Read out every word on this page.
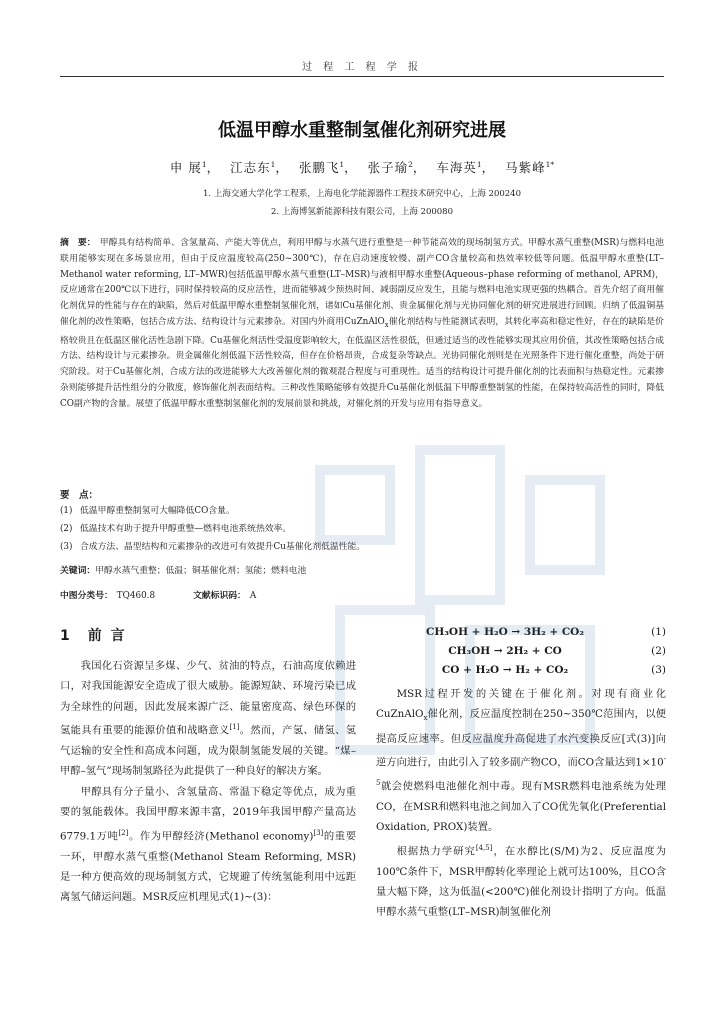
过 程 工 程 学 报
低温甲醇水重整制氢催化剂研究进展
申 展$^1$，  江志东$^1$，  张鹏飞$^1$，  张子瑜$^2$，  车海英$^1$，  马紫峰$^{1*}$
1. 上海交通大学化学工程系，上海电化学能源器件工程技术研究中心，上海 200240
2. 上海博氢新能源科技有限公司，上海 200080
摘　要： 甲醇具有结构简单、含氢量高、产能大等优点，利用甲醇与水蒸气进行重整是一种节能高效的现场制氢方式。甲醇水蒸气重整(MSR)与燃料电池联用能够实现在多场景应用，但由于反应温度较高(250~300℃)，存在启动速度较慢、副产CO含量较高和热效率较低等问题。低温甲醇水重整(LT–Methanol water reforming, LT–MWR)包括低温甲醇水蒸气重整(LT–MSR)与液相甲醇水重整(Aqueous–phase reforming of methanol, APRM)，反应通常在200℃以下进行，同时保持较高的反应活性，进而能够减少预热时间、减弱副反应发生，且能与燃料电池实现更强的热耦合。首先介绍了商用催化剂优异的性能与存在的缺陷，然后对低温甲醇水重整制氢催化剂，诸如Cu基催化剂、贵金属催化剂与光协同催化剂的研究进展进行回顾。归纳了低温铜基催化剂的改性策略，包括合成方法、结构设计与元素掺杂。对国内外商用CuZnAlO$_x$催化剂结构与性能测试表明，其转化率高和稳定性好，存在的缺陷是价格较贵且在低温区催化活性急剧下降。Cu基催化剂活性受温度影响较大，在低温区活性很低，但通过适当的改性能够实现其应用价值，其改性策略包括合成方法、结构设计与元素掺杂。贵金属催化剂低温下活性较高，但存在价格昂贵，合成复杂等缺点。光协同催化剂则是在光照条件下进行催化重整，尚处于研究阶段。对于Cu基催化剂，合成方法的改进能够大大改善催化剂的微观混合程度与可重现性。适当的结构设计可提升催化剂的比表面积与热稳定性。元素掺杂则能够提升活性组分的分散度，修饰催化剂表面结构。三种改性策略能够有效提升Cu基催化剂低温下甲醇重整制氢的性能，在保持较高活性的同时，降低CO副产物的含量。展望了低温甲醇水重整制氢催化剂的发展前景和挑战，对催化剂的开发与应用有指导意义。
要　点：
(1) 低温甲醇重整制氢可大幅降低CO含量。
(2) 低温技术有助于提升甲醇重整—燃料电池系统热效率。
(3) 合成方法、晶型结构和元素掺杂的改进可有效提升Cu基催化剂低温性能。
关键词：甲醇水蒸气重整；低温；铜基催化剂；氢能；燃料电池
中图分类号： TQ460.8	文献标识码： A
1 前 言

我国化石资源呈多煤、少气、贫油的特点，石油高度依赖进口，对我国能源安全造成了很大威胁。能源短缺、环境污染已成为全球性的问题，因此发展来源广泛、能量密度高、绿色环保的氢能具有重要的能源价值和战略意义[1]。然而，产氢、储氢、氢气运输的安全性和高成本问题，成为限制氢能发展的关键。“煤–甲醇–氢气”现场制氢路径为此提供了一种良好的解决方案。

甲醇具有分子量小、含氢量高、常温下稳定等优点，成为重要的氢能载体。我国甲醇来源丰富，2019年我国甲醇产量高达6779.1万吨[2]。作为甲醇经济(Methanol economy)[3]的重要一环，甲醇水蒸气重整(Methanol Steam Reforming, MSR)是一种方便高效的现场制氢方式，它规避了传统氢能利用中远距离氢气储运问题。MSR反应机理见式(1)~(3)：

CH₃OH + H₂O → 3H₂ + CO₂	(1)
CH₃OH → 2H₂ + CO	(2)
CO + H₂O → H₂ + CO₂	(3)

MSR过程开发的关键在于催化剂。对现有商业化CuZnAlO$_x$催化剂，反应温度控制在250~350℃范围内，以便提高反应速率。但反应温度升高促进了水汽变换反应[式(3)]向逆方向进行，由此引入了较多副产物CO，而CO含量达到$1\times 10^{-5}$就会使燃料电池催化剂中毒。现有MSR燃料电池系统为处理CO，在MSR和燃料电池之间加入了CO优先氧化(Preferential Oxidation, PROX)装置。

根据热力学研究[4,5]，在水醇比(S/M)为2、反应温度为100℃条件下，MSR甲醇转化率理论上就可达100%，且CO含量大幅下降，这为低温(<200℃)催化剂设计指明了方向。低温甲醇水蒸气重整(LT–MSR)制氢催化剂
